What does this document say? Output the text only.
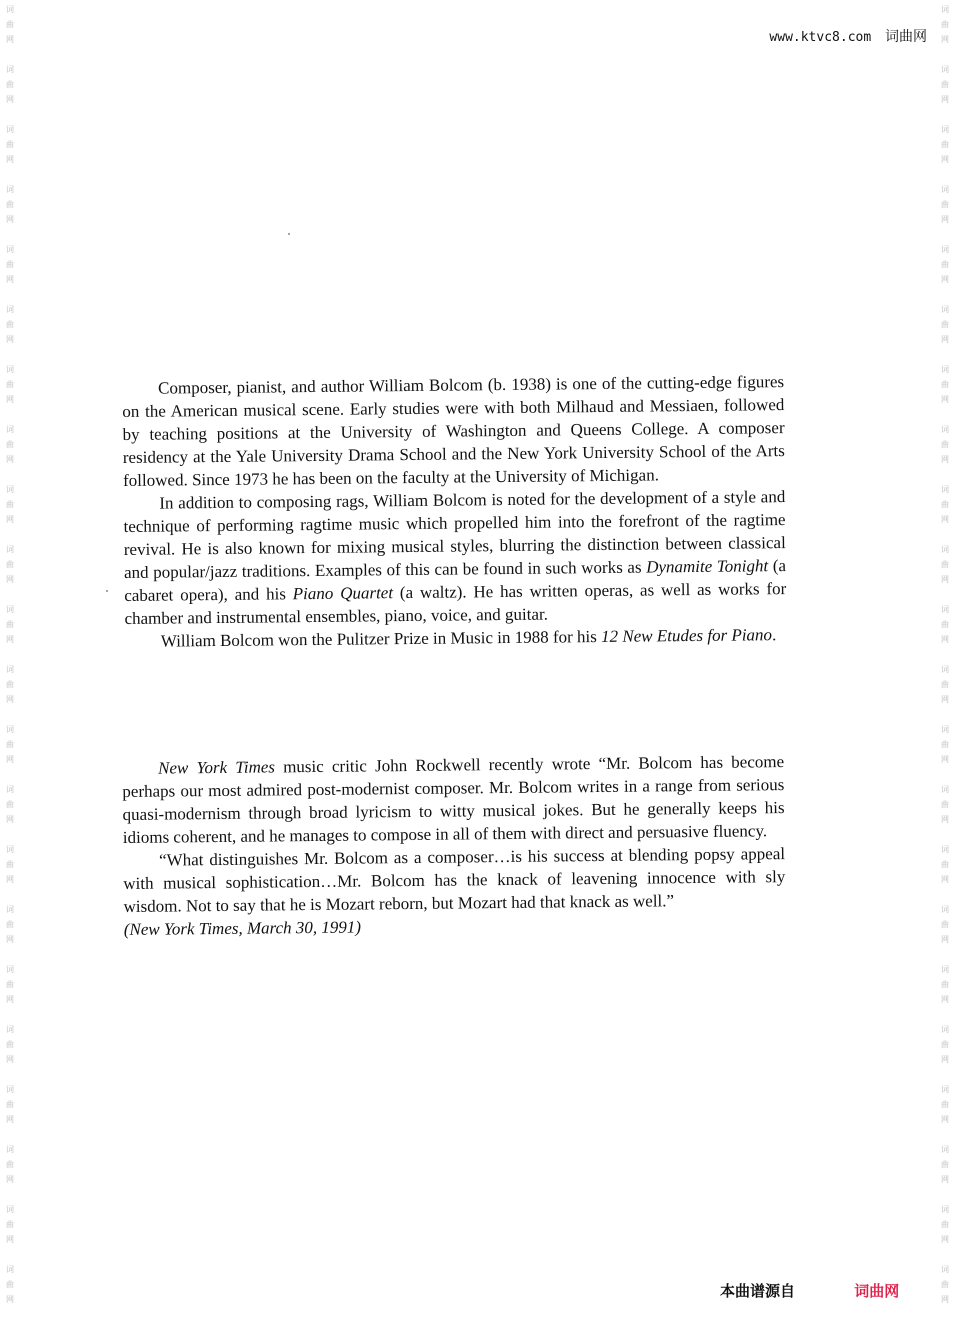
词
曲
网
词
曲
网
词
曲
网
词
曲
网
词
曲
网
词
曲
网
词
曲
网
词
曲
网
词
曲
网
词
曲
网
词
曲
网
词
曲
网
词
曲
网
词
曲
网
词
曲
网
词
曲
网
词
曲
网
词
曲
网
词
曲
网
词
曲
网
词
曲
网
词
曲
网
词
曲
网
词
曲
网
词
曲
网
词
曲
网
词
曲
网
词
曲
网
词
曲
网
词
曲
网
词
曲
网
词
曲
网
词
曲
网
词
曲
网
词
曲
网
词
曲
网
词
曲
网
词
曲
网
词
曲
网
词
曲
网
词
曲
网
词
曲
网
词
曲
网
词
曲
网
www.ktvc8.com 词曲网

Composer, pianist, and author William Bolcom (b. 1938) is one of the cutting-edge figures on the American musical scene. Early studies were with both Milhaud and Messiaen, followed by teaching positions at the University of Washington and Queens College. A composer residency at the Yale University Drama School and the New York University School of the Arts followed. Since 1973 he has been on the faculty at the University of Michigan.

In addition to composing rags, William Bolcom is noted for the development of a style and technique of performing ragtime music which propelled him into the forefront of the ragtime revival. He is also known for mixing musical styles, blurring the distinction between classical and popular/jazz traditions. Examples of this can be found in such works as Dynamite Tonight (a cabaret opera), and his Piano Quartet (a waltz). He has written operas, as well as works for chamber and instrumental ensembles, piano, voice, and guitar.

William Bolcom won the Pulitzer Prize in Music in 1988 for his 12 New Etudes for Piano.

New York Times music critic John Rockwell recently wrote “Mr. Bolcom has become perhaps our most admired post-modernist composer. Mr. Bolcom writes in a range from serious quasi-modernism through broad lyricism to witty musical jokes. But he generally keeps his idioms coherent, and he manages to compose in all of them with direct and persuasive fluency.

“What distinguishes Mr. Bolcom as a composer…is his success at blending popsy appeal with musical sophistication…Mr. Bolcom has the knack of leavening innocence with sly wisdom. Not to say that he is Mozart reborn, but Mozart had that knack as well.”
(New York Times, March 30, 1991)

本曲谱源自	词曲网
